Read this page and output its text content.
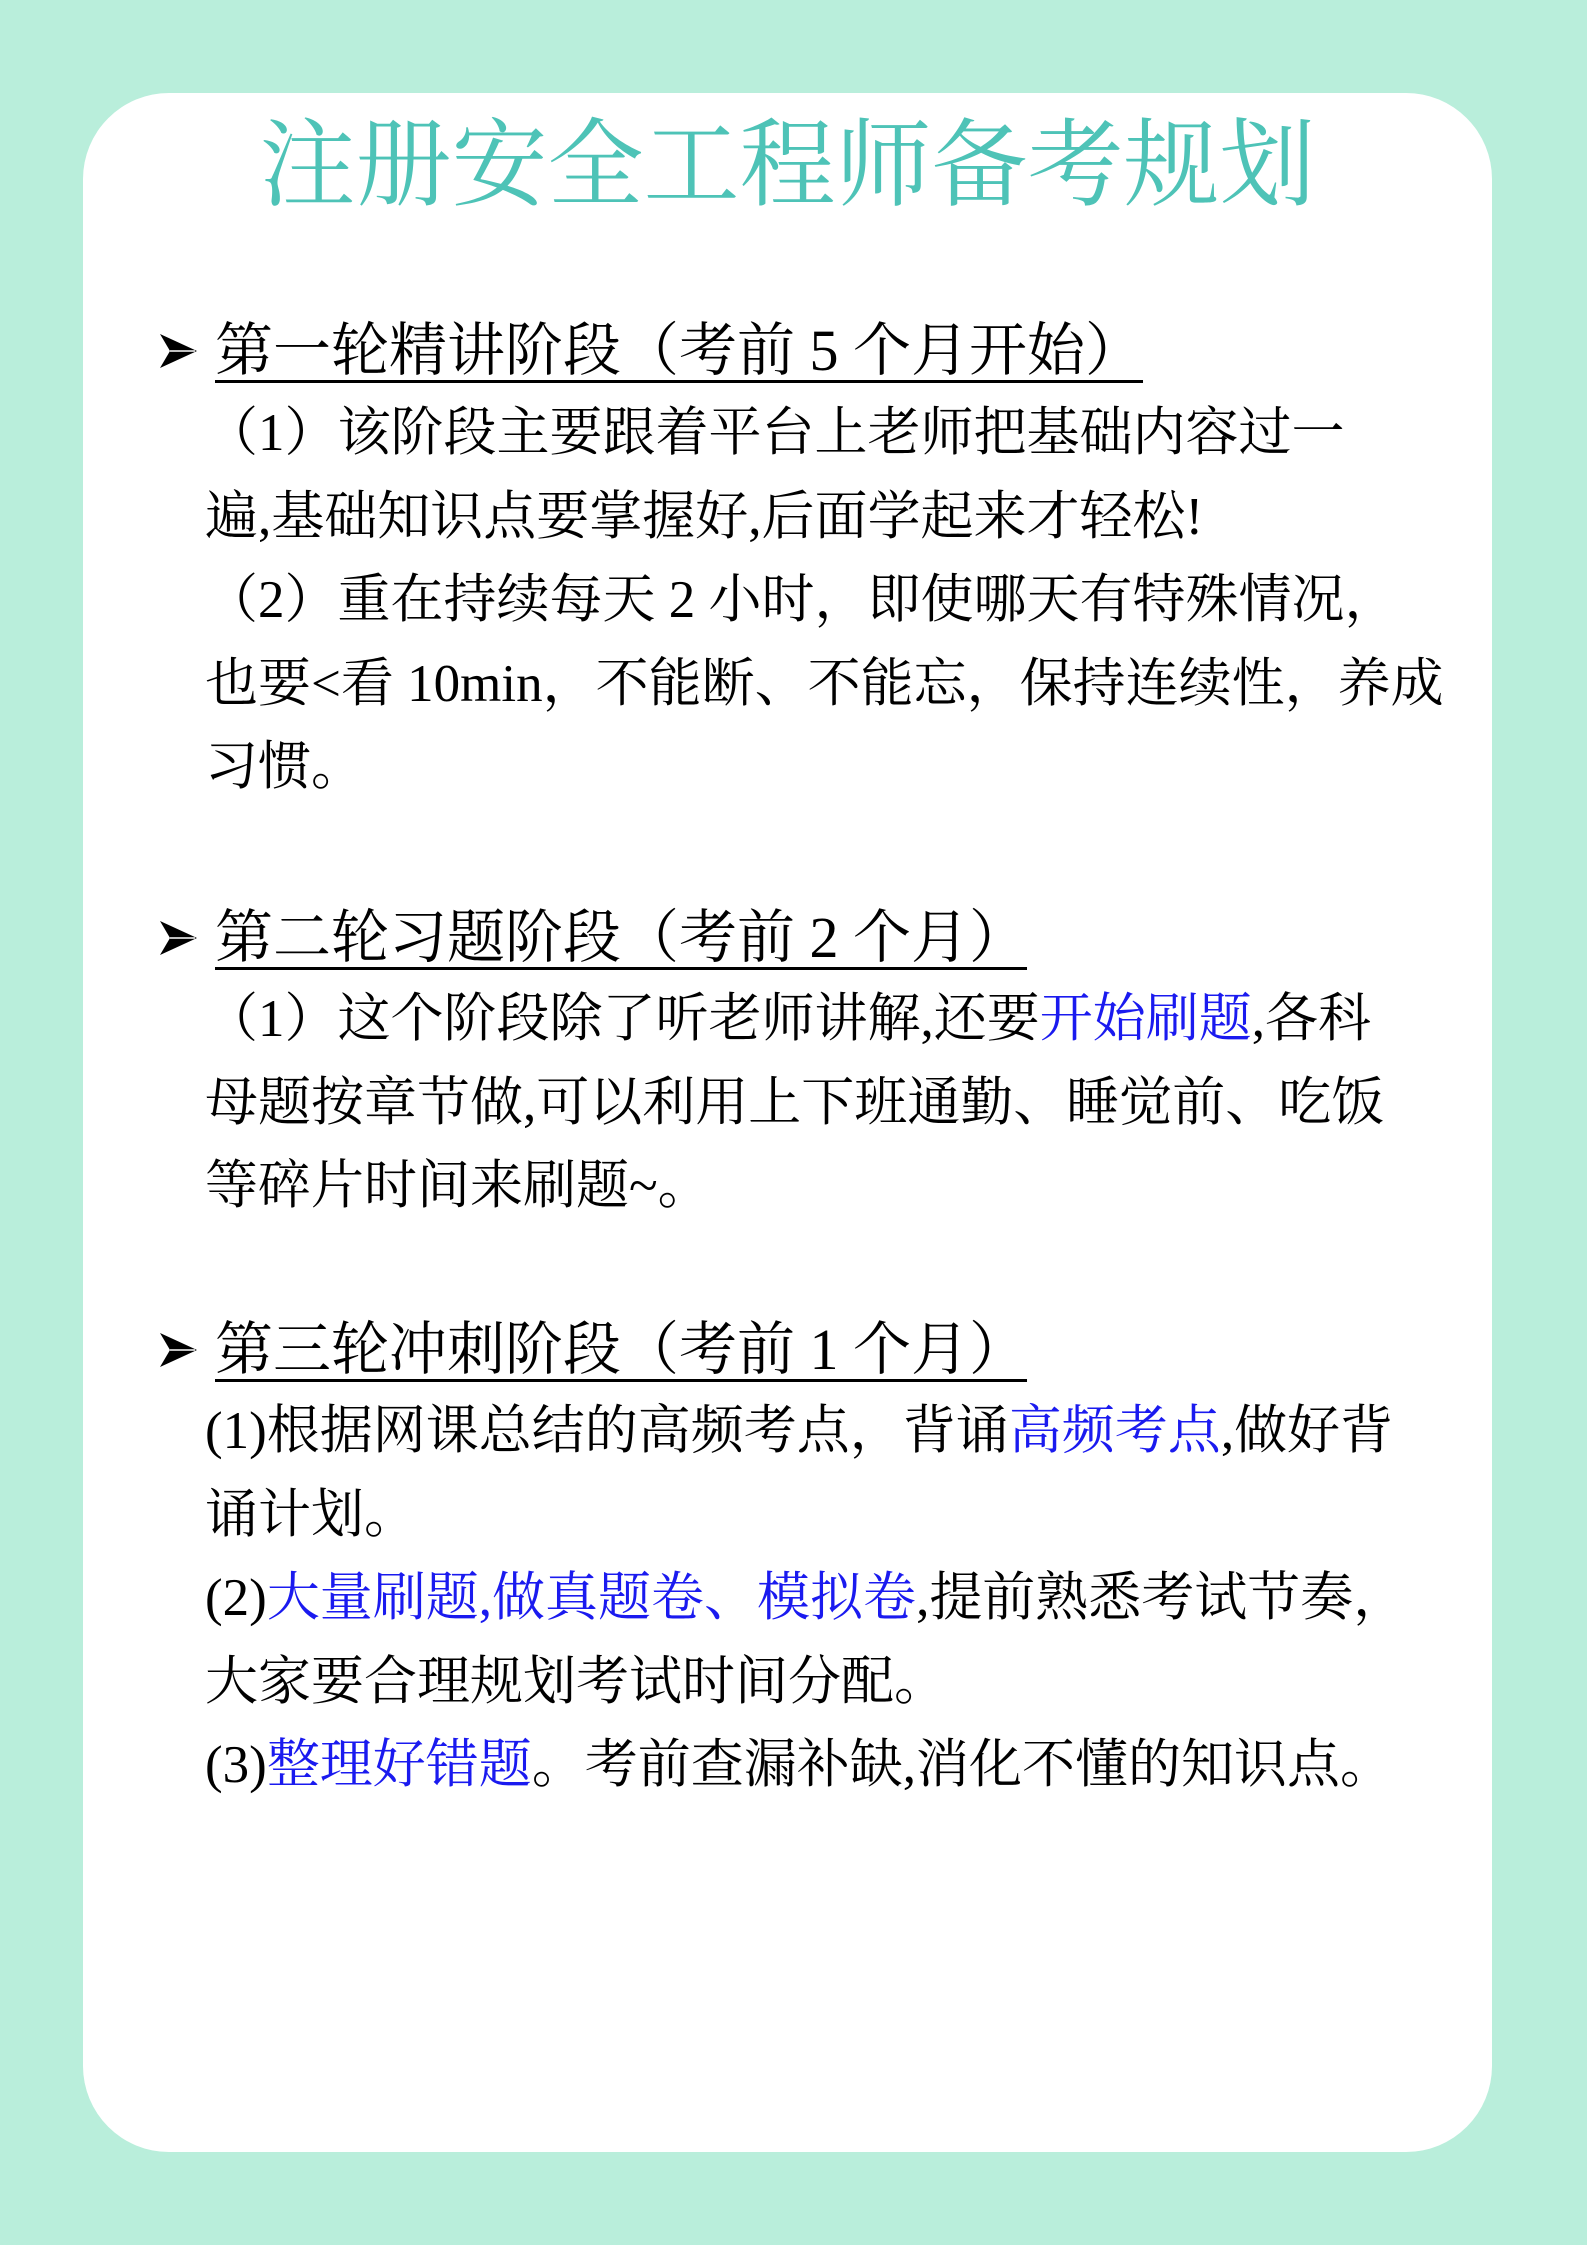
注册安全工程师备考规划
第一轮精讲阶段（考前 5 个月开始）
（1）该阶段主要跟着平台上老师把基础内容过一
遍,基础知识点要掌握好,后面学起来才轻松!
（2）重在持续每天 2 小时，即使哪天有特殊情况，
也要<看 10min，不能断、不能忘，保持连续性，养成
习惯。
第二轮习题阶段（考前 2 个月）
（1）这个阶段除了听老师讲解,还要开始刷题,各科
母题按章节做,可以利用上下班通勤、睡觉前、吃饭
等碎片时间来刷题~。
第三轮冲刺阶段（考前 1 个月）
(1)根据网课总结的高频考点，背诵高频考点,做好背
诵计划。
(2)大量刷题,做真题卷、模拟卷,提前熟悉考试节奏，
大家要合理规划考试时间分配。
(3)整理好错题。考前查漏补缺,消化不懂的知识点。
